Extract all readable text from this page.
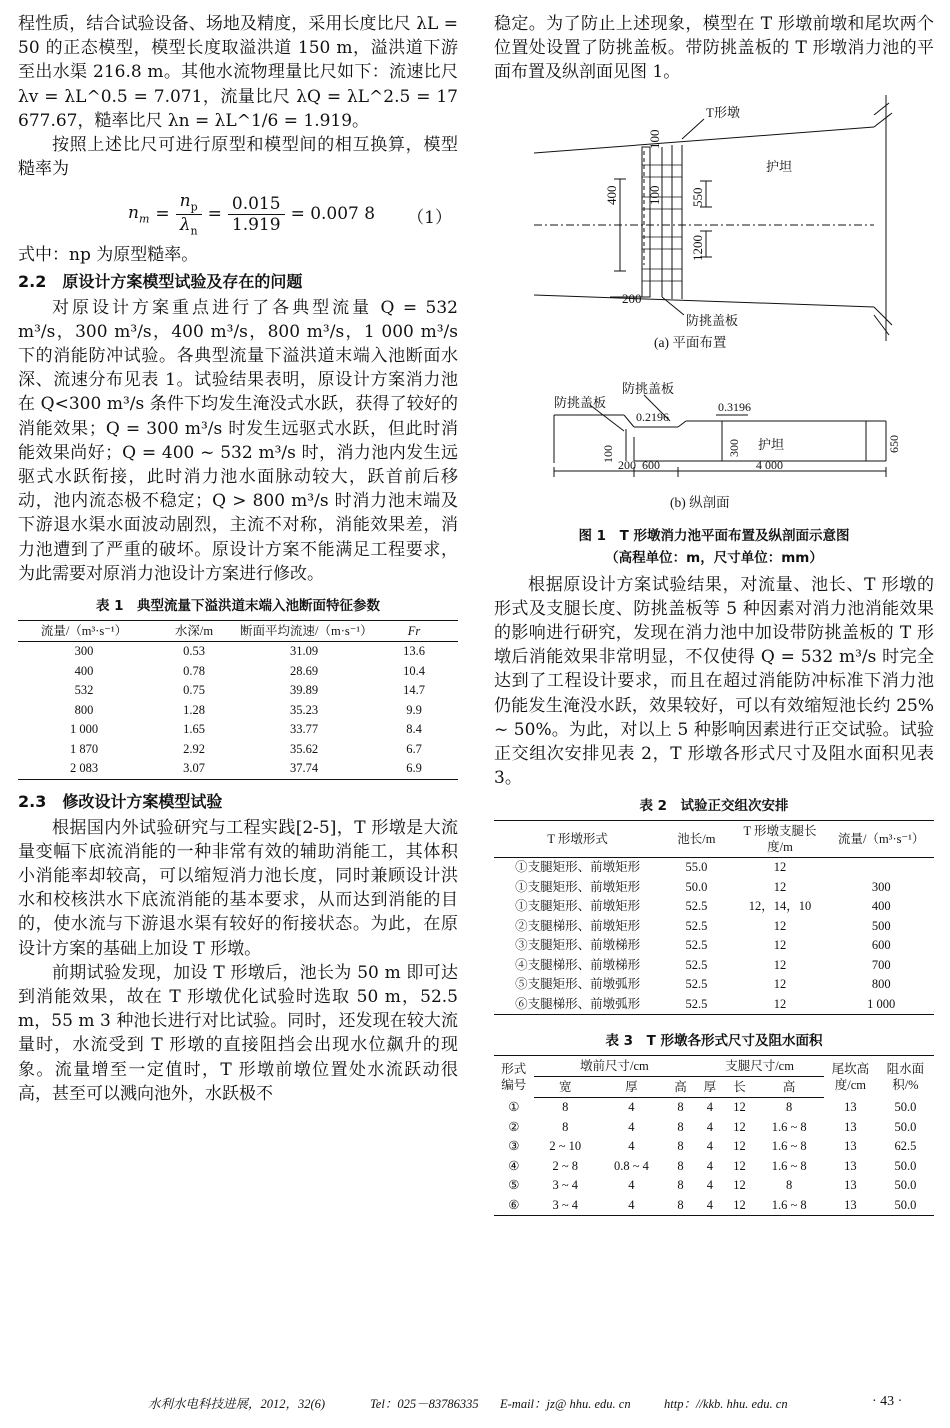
程性质，结合试验设备、场地及精度，采用长度比尺 λL = 50 的正态模型，模型长度取溢洪道 150 m，溢洪道下游至出水渠 216.8 m。其他水流物理量比尺如下：流速比尺 λv = λL^0.5 = 7.071，流量比尺 λQ = λL^2.5 = 17 677.67，糙率比尺 λn = λL^1/6 = 1.919。

按照上述比尺可进行原型和模型间的相互换算，模型糙率为

$n_m = \frac{n_p}{\lambda_n} = \frac{0.015}{1.919} = 0.007$ 8 （1）

式中：np 为原型糙率。

2.2　原设计方案模型试验及存在的问题

对原设计方案重点进行了各典型流量 Q = 532 m³/s，300 m³/s，400 m³/s，800 m³/s，1 000 m³/s 下的消能防冲试验。各典型流量下溢洪道末端入池断面水深、流速分布见表 1。试验结果表明，原设计方案消力池在 Q<300 m³/s 条件下均发生淹没式水跃，获得了较好的消能效果；Q = 300 m³/s 时发生远驱式水跃，但此时消能效果尚好；Q = 400 ~ 532 m³/s 时，消力池内发生远驱式水跃衔接，此时消力池水面脉动较大，跃首前后移动，池内流态极不稳定；Q > 800 m³/s 时消力池末端及下游退水渠水面波动剧烈，主流不对称，消能效果差，消力池遭到了严重的破坏。原设计方案不能满足工程要求，为此需要对原消力池设计方案进行修改。

表 1　典型流量下溢洪道末端入池断面特征参数
流量/（m³·s⁻¹）	水深/m	断面平均流速/（m·s⁻¹）	Fr
300	0.53	31.09	13.6
400	0.78	28.69	10.4
532	0.75	39.89	14.7
800	1.28	35.23	9.9
1 000	1.65	33.77	8.4
1 870	2.92	35.62	6.7
2 083	3.07	37.74	6.9
2.3　修改设计方案模型试验

根据国内外试验研究与工程实践[2-5]，T 形墩是大流量变幅下底流消能的一种非常有效的辅助消能工，其体积小消能率却较高，可以缩短消力池长度，同时兼顾设计洪水和校核洪水下底流消能的基本要求，从而达到消能的目的，使水流与下游退水渠有较好的衔接状态。为此，在原设计方案的基础上加设 T 形墩。

前期试验发现，加设 T 形墩后，池长为 50 m 即可达到消能效果，故在 T 形墩优化试验时选取 50 m，52.5 m，55 m 3 种池长进行对比试验。同时，还发现在较大流量时，水流受到 T 形墩的直接阻挡会出现水位飙升的现象。流量增至一定值时，T 形墩前墩位置处水流跃动很高，甚至可以溅向池外，水跃极不

稳定。为了防止上述现象，模型在 T 形墩前墩和尾坎两个位置处设置了防挑盖板。带防挑盖板的 T 形墩消力池的平面布置及纵剖面见图 1。

T形墩
护坦
防挑盖板
200
400
100
100 550
1200
(a) 平面布置
防挑盖板
防挑盖板
0.2196
0.3196
护坦
100	300	650
200 600	4 000
(b) 纵剖面
图 1　T 形墩消力池平面布置及纵剖面示意图
（高程单位：m，尺寸单位：mm）

根据原设计方案试验结果，对流量、池长、T 形墩的形式及支腿长度、防挑盖板等 5 种因素对消力池消能效果的影响进行研究，发现在消力池中加设带防挑盖板的 T 形墩后消能效果非常明显，不仅使得 Q = 532 m³/s 时完全达到了工程设计要求，而且在超过消能防冲标准下消力池仍能发生淹没水跃，效果较好，可以有效缩短池长约 25% ~ 50%。为此，对以上 5 种影响因素进行正交试验。试验正交组次安排见表 2，T 形墩各形式尺寸及阻水面积见表 3。

表 2　试验正交组次安排
T 形墩形式	池长/m	T 形墩支腿长度/m	流量/（m³·s⁻¹）
①支腿矩形、前墩矩形	55.0	12	
①支腿矩形、前墩矩形	50.0	12	300
①支腿矩形、前墩矩形	52.5	12，14，10	400
②支腿梯形、前墩矩形	52.5	12	500
③支腿矩形、前墩梯形	52.5	12	600
④支腿梯形、前墩梯形	52.5	12	700
⑤支腿矩形、前墩弧形	52.5	12	800
⑥支腿梯形、前墩弧形	52.5	12	1 000
表 3　T 形墩各形式尺寸及阻水面积
形式编号	墩前尺寸/cm			支腿尺寸/cm			尾坎高度/cm	阻水面积/%
	宽	厚	高	厚	长	高		
①	8	4	8	4	12	8	13	50.0
②	8	4	8	4	12	1.6 ~ 8	13	50.0
③	2 ~ 10	4	8	4	12	1.6 ~ 8	13	62.5
④	2 ~ 8	0.8 ~ 4	8	4	12	1.6 ~ 8	13	50.0
⑤	3 ~ 4	4	8	4	12	8	13	50.0
⑥	3 ~ 4	4	8	4	12	1.6 ~ 8	13	50.0
水利水电科技进展，2012，32(6)	Tel：025－83786335 E-mail：jz@ hhu. edu. cn	http：//kkb. hhu. edu. cn	· 43 ·
